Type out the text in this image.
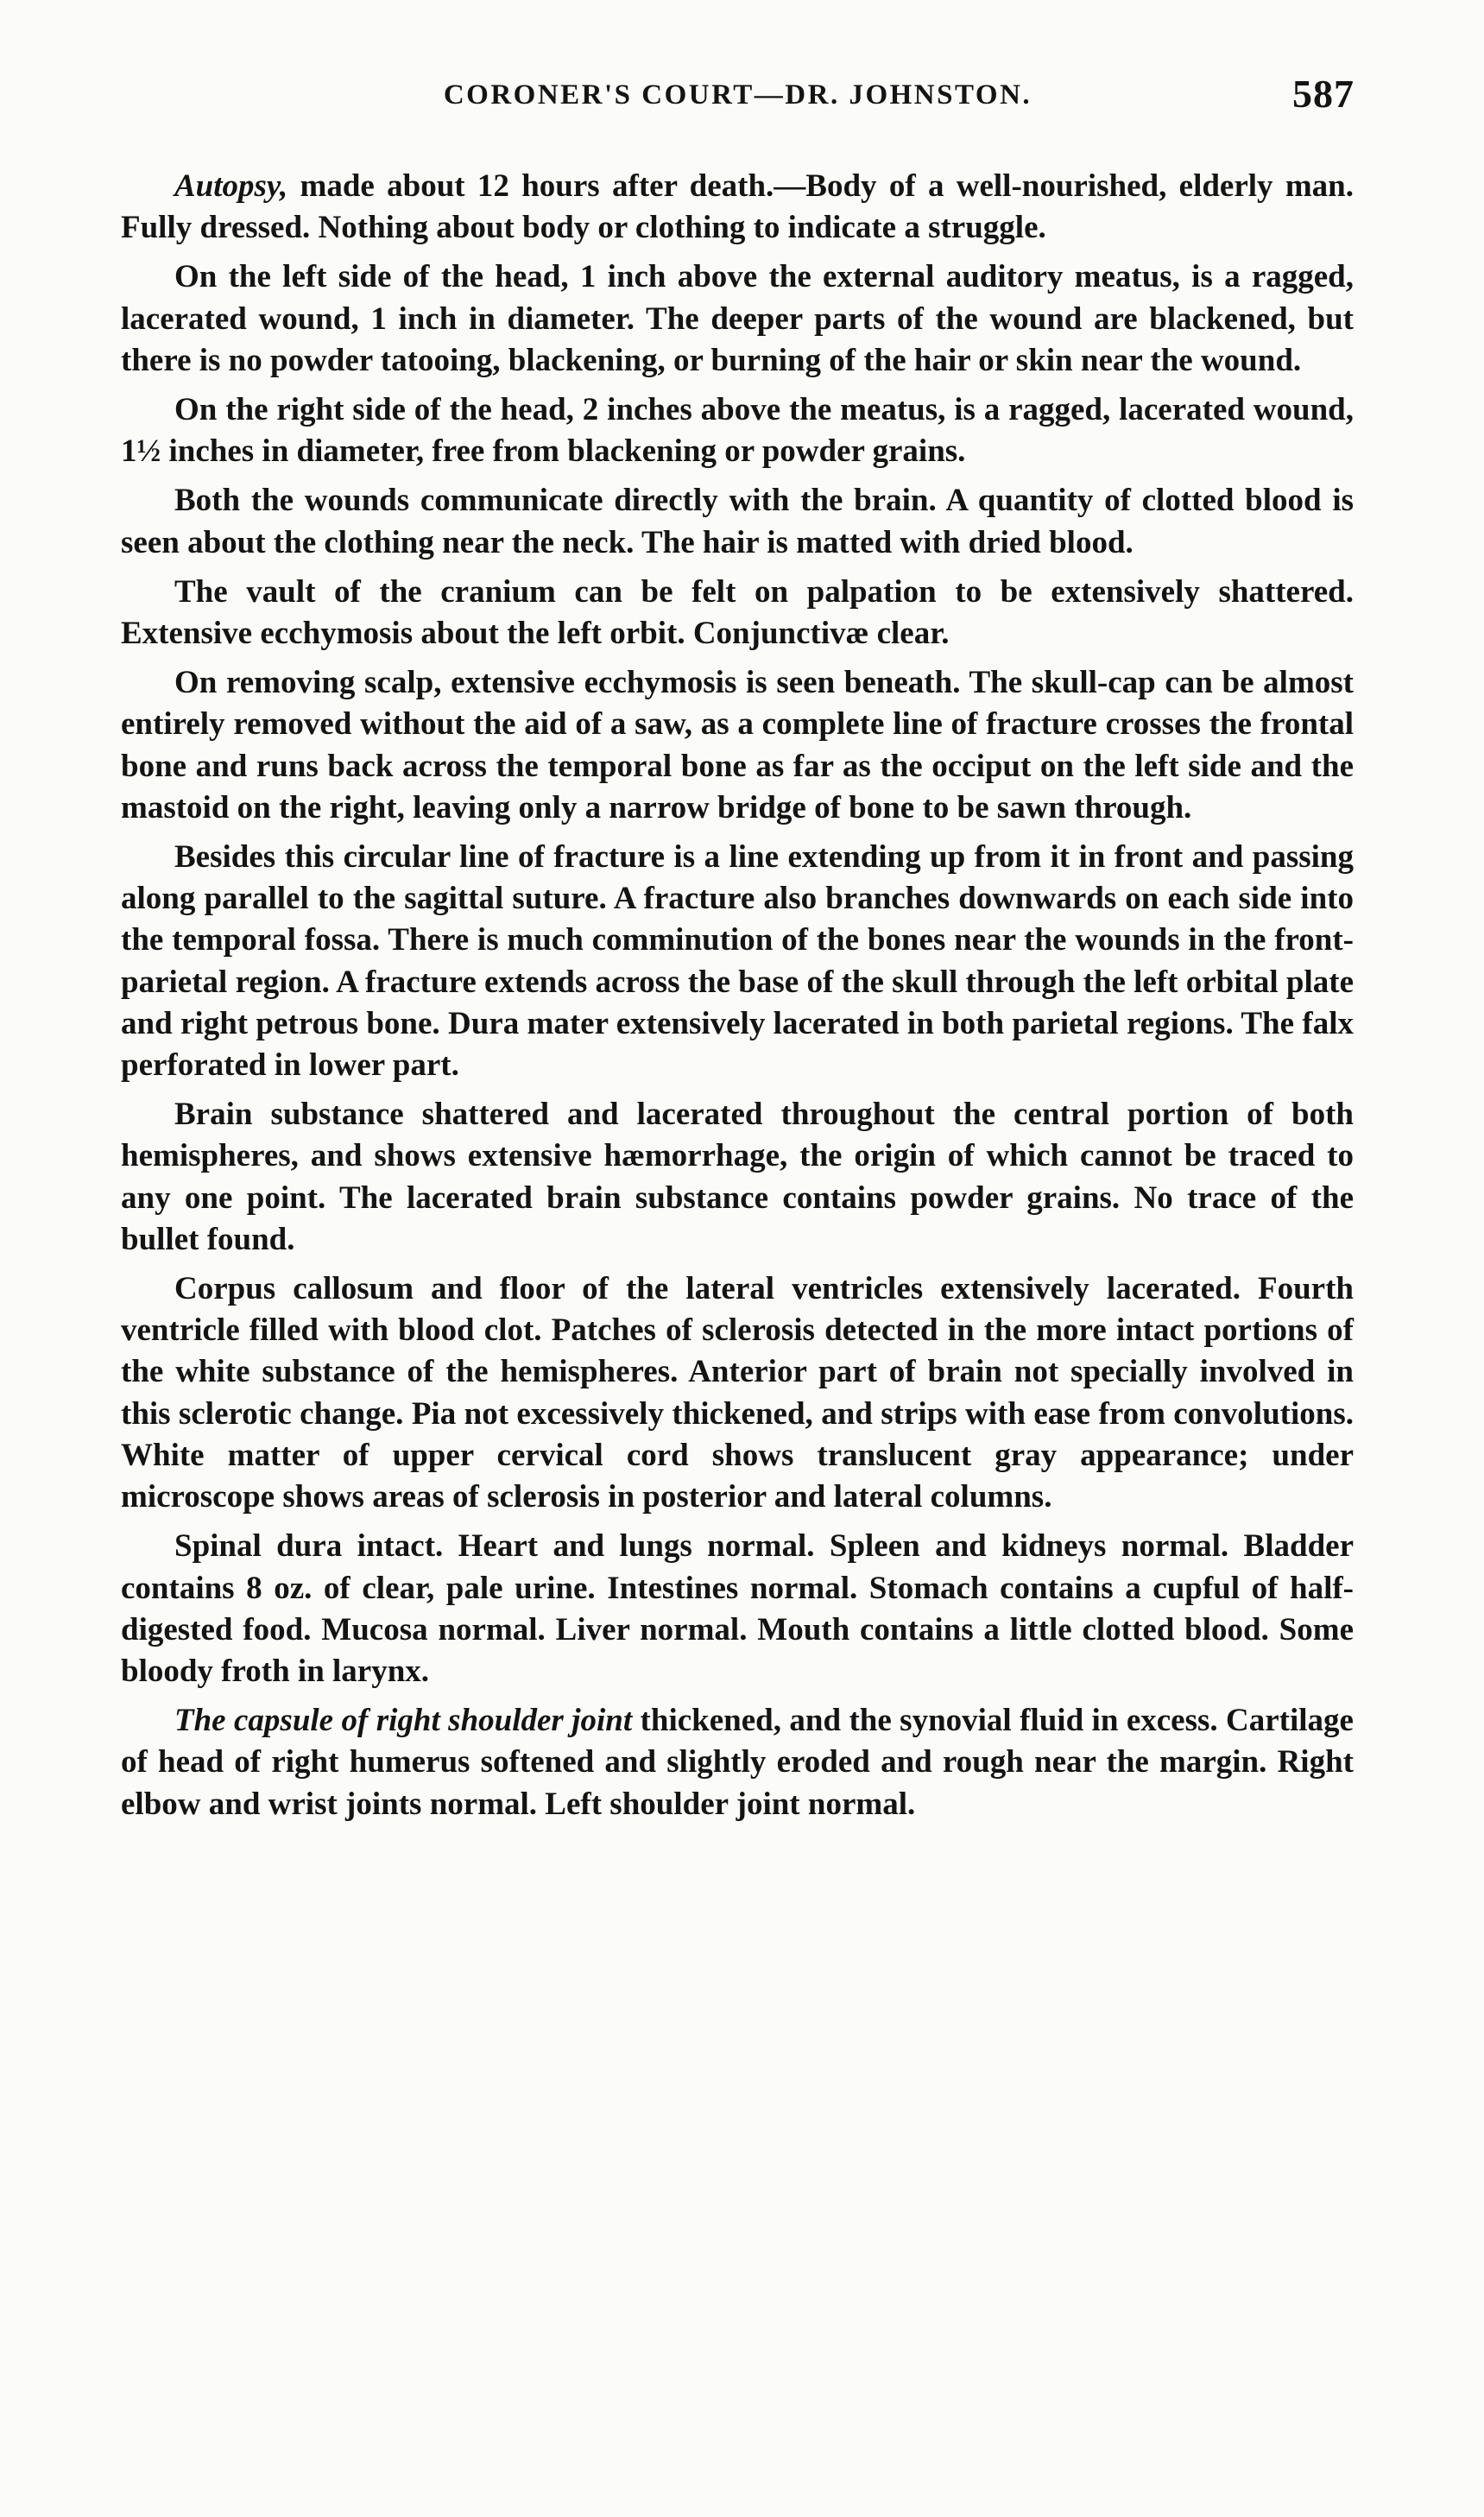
CORONER'S COURT—DR. JOHNSTON.	587

Autopsy, made about 12 hours after death.—Body of a well-nourished, elderly man. Fully dressed. Nothing about body or clothing to indicate a struggle.

On the left side of the head, 1 inch above the external auditory meatus, is a ragged, lacerated wound, 1 inch in diameter. The deeper parts of the wound are blackened, but there is no powder tatooing, blackening, or burning of the hair or skin near the wound.

On the right side of the head, 2 inches above the meatus, is a ragged, lacerated wound, 1½ inches in diameter, free from blackening or powder grains.

Both the wounds communicate directly with the brain. A quantity of clotted blood is seen about the clothing near the neck. The hair is matted with dried blood.

The vault of the cranium can be felt on palpation to be extensively shattered. Extensive ecchymosis about the left orbit. Conjunctivæ clear.

On removing scalp, extensive ecchymosis is seen beneath. The skull-cap can be almost entirely removed without the aid of a saw, as a complete line of fracture crosses the frontal bone and runs back across the temporal bone as far as the occiput on the left side and the mastoid on the right, leaving only a narrow bridge of bone to be sawn through.

Besides this circular line of fracture is a line extending up from it in front and passing along parallel to the sagittal suture. A fracture also branches downwards on each side into the temporal fossa. There is much comminution of the bones near the wounds in the front-parietal region. A fracture extends across the base of the skull through the left orbital plate and right petrous bone. Dura mater extensively lacerated in both parietal regions. The falx perforated in lower part.

Brain substance shattered and lacerated throughout the central portion of both hemispheres, and shows extensive hæmorrhage, the origin of which cannot be traced to any one point. The lacerated brain substance contains powder grains. No trace of the bullet found.

Corpus callosum and floor of the lateral ventricles extensively lacerated. Fourth ventricle filled with blood clot. Patches of sclerosis detected in the more intact portions of the white substance of the hemispheres. Anterior part of brain not specially involved in this sclerotic change. Pia not excessively thickened, and strips with ease from convolutions. White matter of upper cervical cord shows translucent gray appearance; under microscope shows areas of sclerosis in posterior and lateral columns.

Spinal dura intact. Heart and lungs normal. Spleen and kidneys normal. Bladder contains 8 oz. of clear, pale urine. Intestines normal. Stomach contains a cupful of half-digested food. Mucosa normal. Liver normal. Mouth contains a little clotted blood. Some bloody froth in larynx.

The capsule of right shoulder joint thickened, and the synovial fluid in excess. Cartilage of head of right humerus softened and slightly eroded and rough near the margin. Right elbow and wrist joints normal. Left shoulder joint normal.
